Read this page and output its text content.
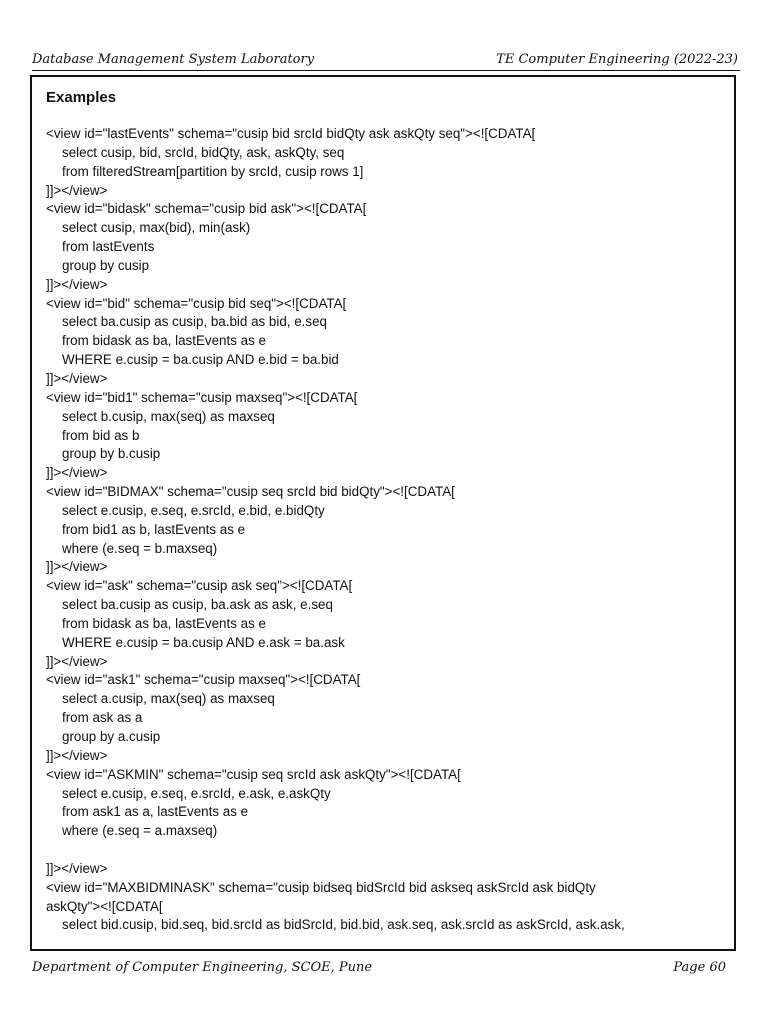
Database Management System Laboratory	TE Computer Engineering (2022-23)
Examples
<view id="lastEvents" schema="cusip bid srcId bidQty ask askQty seq"><![CDATA[
select cusip, bid, srcId, bidQty, ask, askQty, seq
from filteredStream[partition by srcId, cusip rows 1]
]]></view>
<view id="bidask" schema="cusip bid ask"><![CDATA[
select cusip, max(bid), min(ask)
from lastEvents
group by cusip
]]></view>
<view id="bid" schema="cusip bid seq"><![CDATA[
select ba.cusip as cusip, ba.bid as bid, e.seq
from bidask as ba, lastEvents as e
WHERE e.cusip = ba.cusip AND e.bid = ba.bid
]]></view>
<view id="bid1" schema="cusip maxseq"><![CDATA[
select b.cusip, max(seq) as maxseq
from bid as b
group by b.cusip
]]></view>
<view id="BIDMAX" schema="cusip seq srcId bid bidQty"><![CDATA[
select e.cusip, e.seq, e.srcId, e.bid, e.bidQty
from bid1 as b, lastEvents as e
where (e.seq = b.maxseq)
]]></view>
<view id="ask" schema="cusip ask seq"><![CDATA[
select ba.cusip as cusip, ba.ask as ask, e.seq
from bidask as ba, lastEvents as e
WHERE e.cusip = ba.cusip AND e.ask = ba.ask
]]></view>
<view id="ask1" schema="cusip maxseq"><![CDATA[
select a.cusip, max(seq) as maxseq
from ask as a
group by a.cusip
]]></view>
<view id="ASKMIN" schema="cusip seq srcId ask askQty"><![CDATA[
select e.cusip, e.seq, e.srcId, e.ask, e.askQty
from ask1 as a, lastEvents as e
where (e.seq = a.maxseq)
]]></view>
<view id="MAXBIDMINASK" schema="cusip bidseq bidSrcId bid askseq askSrcId ask bidQty
askQty"><![CDATA[
select bid.cusip, bid.seq, bid.srcId as bidSrcId, bid.bid, ask.seq, ask.srcId as askSrcId, ask.ask,
Department of Computer Engineering, SCOE, Pune	Page 60
